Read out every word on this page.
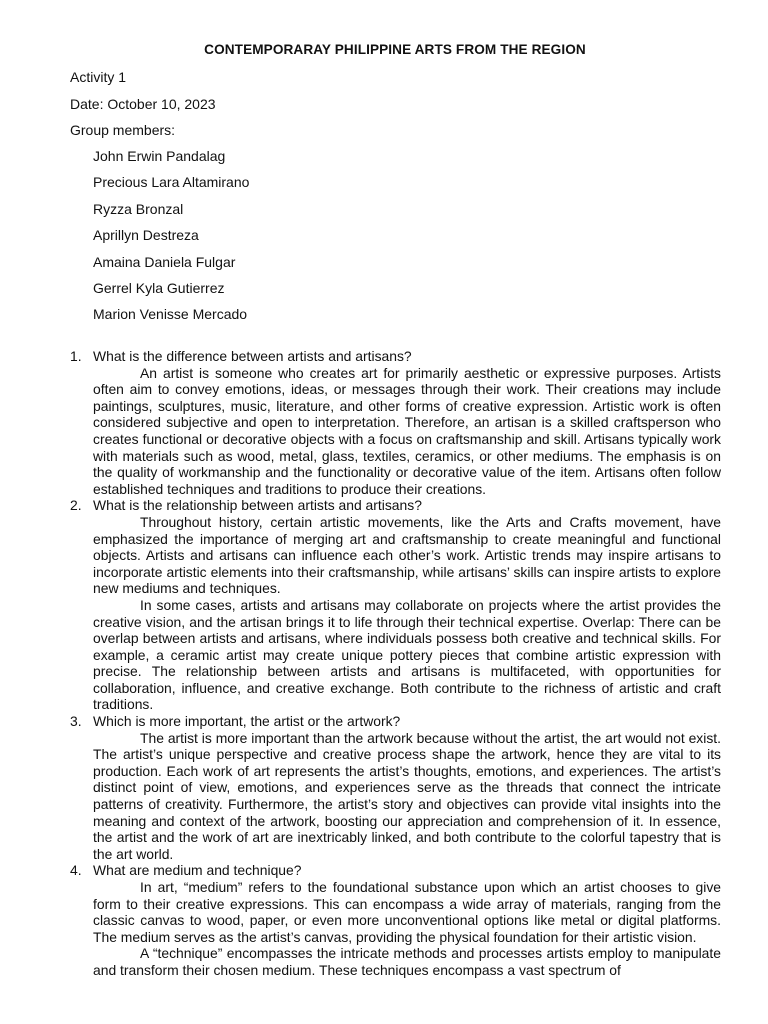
CONTEMPORARAY PHILIPPINE ARTS FROM THE REGION
Activity 1
Date: October 10, 2023
Group members:
John Erwin Pandalag
Precious Lara Altamirano
Ryzza Bronzal
Aprillyn Destreza
Amaina Daniela Fulgar
Gerrel Kyla Gutierrez
Marion Venisse Mercado
1. What is the difference between artists and artisans?

An artist is someone who creates art for primarily aesthetic or expressive purposes. Artists often aim to convey emotions, ideas, or messages through their work. Their creations may include paintings, sculptures, music, literature, and other forms of creative expression. Artistic work is often considered subjective and open to interpretation. Therefore, an artisan is a skilled craftsperson who creates functional or decorative objects with a focus on craftsmanship and skill. Artisans typically work with materials such as wood, metal, glass, textiles, ceramics, or other mediums. The emphasis is on the quality of workmanship and the functionality or decorative value of the item. Artisans often follow established techniques and traditions to produce their creations.

2. What is the relationship between artists and artisans?

Throughout history, certain artistic movements, like the Arts and Crafts movement, have emphasized the importance of merging art and craftsmanship to create meaningful and functional objects. Artists and artisans can influence each other’s work. Artistic trends may inspire artisans to incorporate artistic elements into their craftsmanship, while artisans’ skills can inspire artists to explore new mediums and techniques.

In some cases, artists and artisans may collaborate on projects where the artist provides the creative vision, and the artisan brings it to life through their technical expertise. Overlap: There can be overlap between artists and artisans, where individuals possess both creative and technical skills. For example, a ceramic artist may create unique pottery pieces that combine artistic expression with precise. The relationship between artists and artisans is multifaceted, with opportunities for collaboration, influence, and creative exchange. Both contribute to the richness of artistic and craft traditions.

3. Which is more important, the artist or the artwork?

The artist is more important than the artwork because without the artist, the art would not exist. The artist’s unique perspective and creative process shape the artwork, hence they are vital to its production. Each work of art represents the artist’s thoughts, emotions, and experiences. The artist’s distinct point of view, emotions, and experiences serve as the threads that connect the intricate patterns of creativity. Furthermore, the artist’s story and objectives can provide vital insights into the meaning and context of the artwork, boosting our appreciation and comprehension of it. In essence, the artist and the work of art are inextricably linked, and both contribute to the colorful tapestry that is the art world.

4. What are medium and technique?

In art, “medium” refers to the foundational substance upon which an artist chooses to give form to their creative expressions. This can encompass a wide array of materials, ranging from the classic canvas to wood, paper, or even more unconventional options like metal or digital platforms. The medium serves as the artist’s canvas, providing the physical foundation for their artistic vision.

A “technique” encompasses the intricate methods and processes artists employ to manipulate and transform their chosen medium. These techniques encompass a vast spectrum of
